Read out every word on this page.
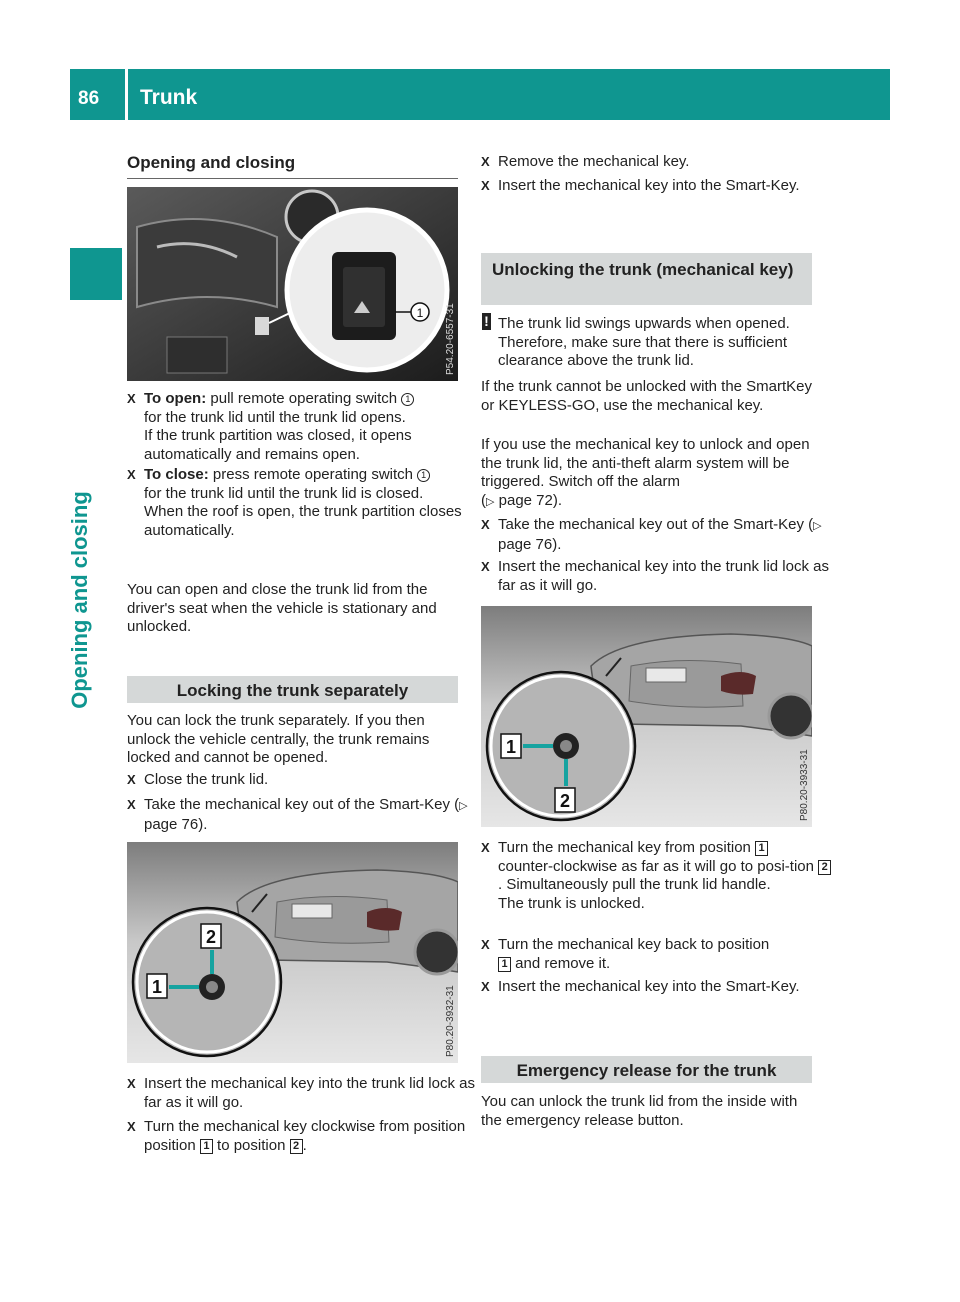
86 Trunk
Opening and closing
Opening and closing
1 P54.20-6557-31

X To open: pull remote operating switch 1
for the trunk lid until the trunk lid opens.
If the trunk partition was closed, it opens automatically and remains open.

X To close: press remote operating switch 1
for the trunk lid until the trunk lid is closed.
When the roof is open, the trunk partition closes automatically.

You can open and close the trunk lid from the driver's seat when the vehicle is stationary and unlocked.

Locking the trunk separately

You can lock the trunk separately. If you then unlock the vehicle centrally, the trunk remains locked and cannot be opened.

X Close the trunk lid.

X Take the mechanical key out of the Smart-Key (▷ page 76).

1
2
P80.20-3932-31

X Insert the mechanical key into the trunk lid lock as far as it will go.

X Turn the mechanical key clockwise from position
position 1 to position 2 .

X Remove the mechanical key.

X Insert the mechanical key into the Smart-Key.

Unlocking the trunk (mechanical key)

! The trunk lid swings upwards when opened. Therefore, make sure that there is sufficient clearance above the trunk lid.

If the trunk cannot be unlocked with the SmartKey or KEYLESS-GO, use the mechanical key.

If you use the mechanical key to unlock and open the trunk lid, the anti-theft alarm system will be triggered. Switch off the alarm
(▷ page 72).

X Take the mechanical key out of the Smart-Key (▷ page 76).

X Insert the mechanical key into the trunk lid lock as far as it will go.

1
2	P80.20-3933-31

X Turn the mechanical key from position 1
counter-clockwise as far as it will go to posi-tion 2. Simultaneously pull the trunk lid handle.
The trunk is unlocked.

X Turn the mechanical key back to position
1 and remove it.

X Insert the mechanical key into the Smart-Key.

Emergency release for the trunk

You can unlock the trunk lid from the inside with the emergency release button.
